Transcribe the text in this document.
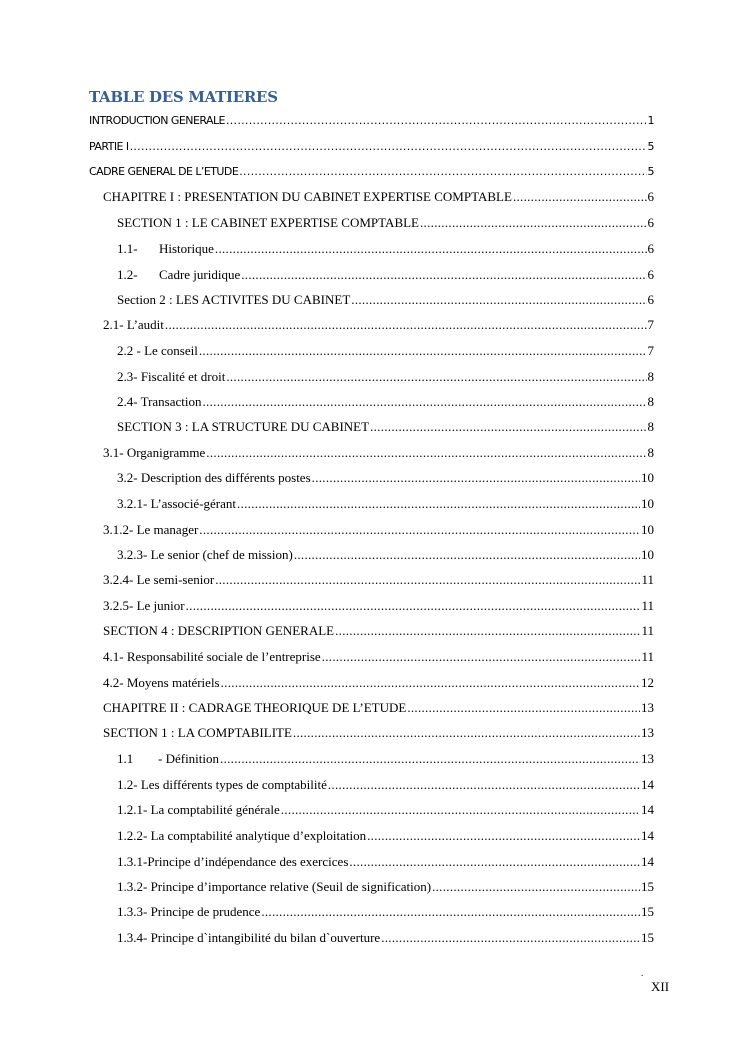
TABLE DES MATIERES
INTRODUCTION GENERALE .....	1
PARTIE I .....	5
CADRE GENERAL DE L’ETUDE .....	5
CHAPITRE I : PRESENTATION DU CABINET EXPERTISE COMPTABLE .....	6
SECTION 1 : LE CABINET EXPERTISE COMPTABLE .....	6
1.1-	Historique .....	6
1.2-	Cadre juridique .....	6
Section 2 : LES ACTIVITES DU CABINET .....	6
2.1- L’audit .....	7
2.2 - Le conseil .....	7
2.3- Fiscalité et droit .....	8
2.4- Transaction .....	8
SECTION 3 : LA STRUCTURE DU CABINET .....	8
3.1- Organigramme .....	8
3.2- Description des différents postes .....	10
3.2.1- L’associé-gérant .....	10
3.1.2- Le manager .....	10
3.2.3- Le senior (chef de mission) .....	10
3.2.4- Le semi-senior .....	11
3.2.5- Le junior .....	11
SECTION 4 : DESCRIPTION GENERALE .....	11
4.1- Responsabilité sociale de l’entreprise .....	11
4.2- Moyens matériels .....	12
CHAPITRE II : CADRAGE THEORIQUE DE L’ETUDE .....	13
SECTION 1 : LA COMPTABILITE .....	13
1.1	- Définition .....	13
1.2- Les différents types de comptabilité .....	14
1.2.1- La comptabilité générale .....	14
1.2.2- La comptabilité analytique d’exploitation .....	14
1.3.1-Principe d’indépendance des exercices .....	14
1.3.2- Principe d’importance relative (Seuil de signification) .....	15
1.3.3- Principe de prudence .....	15
1.3.4- Principe d`intangibilité du bilan d`ouverture .....	15
.
XII
